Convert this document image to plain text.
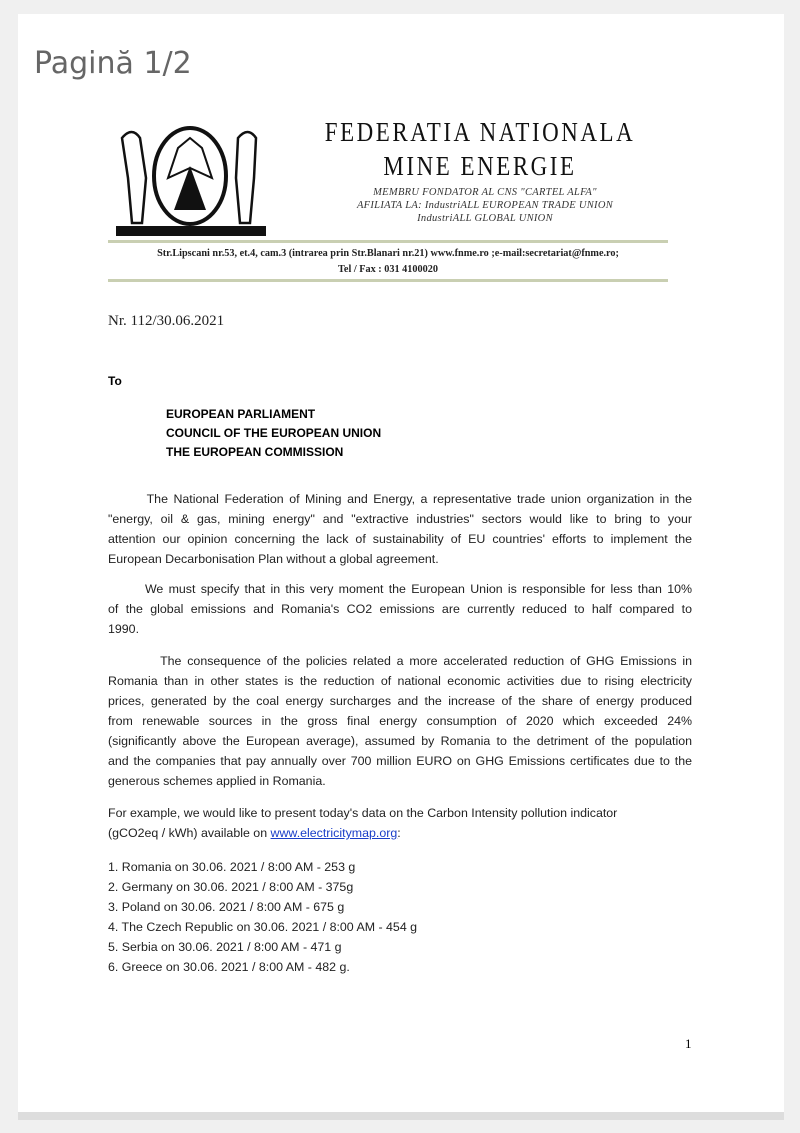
Pagină 1/2
FEDERATIA NATIONALA
MINE ENERGIE
MEMBRU FONDATOR AL CNS "CARTEL ALFA"
AFILIATA LA: IndustriALL EUROPEAN TRADE UNION
IndustriALL GLOBAL UNION
Str.Lipscani nr.53, et.4, cam.3 (intrarea prin Str.Blanari nr.21) www.fnme.ro ;e-mail:secretariat@fnme.ro;
Tel / Fax : 031 4100020
Nr. 112/30.06.2021
To
EUROPEAN PARLIAMENT
COUNCIL OF THE EUROPEAN UNION
THE EUROPEAN COMMISSION
The National Federation of Mining and Energy, a representative trade union organization in the
"energy, oil & gas, mining energy" and "extractive industries" sectors would like to bring to your
attention our opinion concerning the lack of sustainability of EU countries' efforts to implement the
European Decarbonisation Plan without a global agreement.
We must specify that in this very moment the European Union is responsible for less than 10%
of the global emissions and Romania's CO2 emissions are currently reduced to half compared to
1990.
The consequence of the policies related a more accelerated reduction of GHG Emissions in
Romania than in other states is the reduction of national economic activities due to rising electricity
prices, generated by the coal energy surcharges and the increase of the share of energy produced
from renewable sources in the gross final energy consumption of 2020 which exceeded 24%
(significantly above the European average), assumed by Romania to the detriment of the population
and the companies that pay annually over 700 million EURO on GHG Emissions certificates due to the
generous schemes applied in Romania.
For example, we would like to present today's data on the Carbon Intensity pollution indicator
(gCO2eq / kWh) available on www.electricitymap.org:
1. Romania on 30.06. 2021 / 8:00 AM - 253 g
2. Germany on 30.06. 2021 / 8:00 AM - 375g
3. Poland on 30.06. 2021 / 8:00 AM - 675 g
4. The Czech Republic on 30.06. 2021 / 8:00 AM - 454 g
5. Serbia on 30.06. 2021 / 8:00 AM - 471 g
6. Greece on 30.06. 2021 / 8:00 AM - 482 g.
1
